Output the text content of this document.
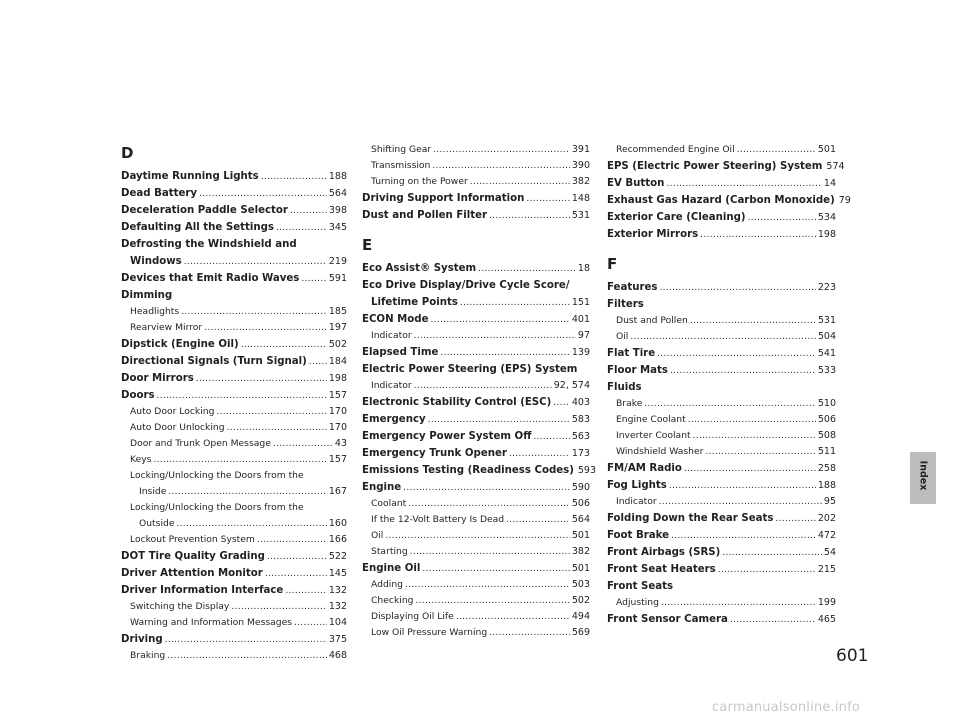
D
Daytime Running Lights .....	188
Dead Battery .....	564
Deceleration Paddle Selector .....	398
Defaulting All the Settings .....	345
Defrosting the Windshield and
Windows .....	219
Devices that Emit Radio Waves .....	591
Dimming
Headlights .....	185
Rearview Mirror .....	197
Dipstick (Engine Oil) .....	502
Directional Signals (Turn Signal) ..... 184
Door Mirrors .....	198
Doors .....	157
Auto Door Locking .....	170
Auto Door Unlocking .....	170
Door and Trunk Open Message .....	43
Keys .....	157
Locking/Unlocking the Doors from the
Inside .....	167
Locking/Unlocking the Doors from the
Outside .....	160
Lockout Prevention System .....	166
DOT Tire Quality Grading .....	522
Driver Attention Monitor .....	145
Driver Information Interface .....	132
Switching the Display .....	132
Warning and Information Messages .....	104
Driving .....	375
Braking .....	468
Shifting Gear .....	391
Transmission .....	390
Turning on the Power .....	382
Driving Support Information .....	148
Dust and Pollen Filter .....	531
E
Eco Assist® System .....	18
Eco Drive Display/Drive Cycle Score/
Lifetime Points .....	151
ECON Mode .....	401
Indicator .....	97
Elapsed Time .....	139
Electric Power Steering (EPS) System
Indicator .....	92, 574
Electronic Stability Control (ESC) ..... 403
Emergency .....	583
Emergency Power System Off .....	563
Emergency Trunk Opener .....	173
Emissions Testing (Readiness Codes) 593
Engine .....	590
Coolant .....	506
If the 12-Volt Battery Is Dead .....	564
Oil .....	501
Starting .....	382
Engine Oil .....	501
Adding .....	503
Checking .....	502
Displaying Oil Life .....	494
Low Oil Pressure Warning .....	569
Recommended Engine Oil .....	501
EPS (Electric Power Steering) System 574
EV Button .....	14
Exhaust Gas Hazard (Carbon Monoxide) 79
Exterior Care (Cleaning) .....	534
Exterior Mirrors .....	198
F
Features .....	223
Filters
Dust and Pollen .....	531
Oil .....	504
Flat Tire .....	541
Floor Mats .....	533
Fluids
Brake .....	510
Engine Coolant .....	506
Inverter Coolant .....	508
Windshield Washer .....	511
FM/AM Radio .....	258
Fog Lights .....	188
Indicator .....	95
Folding Down the Rear Seats .....	202
Foot Brake .....	472
Front Airbags (SRS) .....	54
Front Seat Heaters .....	215
Front Seats
Adjusting .....	199
Front Sensor Camera .....	465
Index
601
carmanualsonline.info
